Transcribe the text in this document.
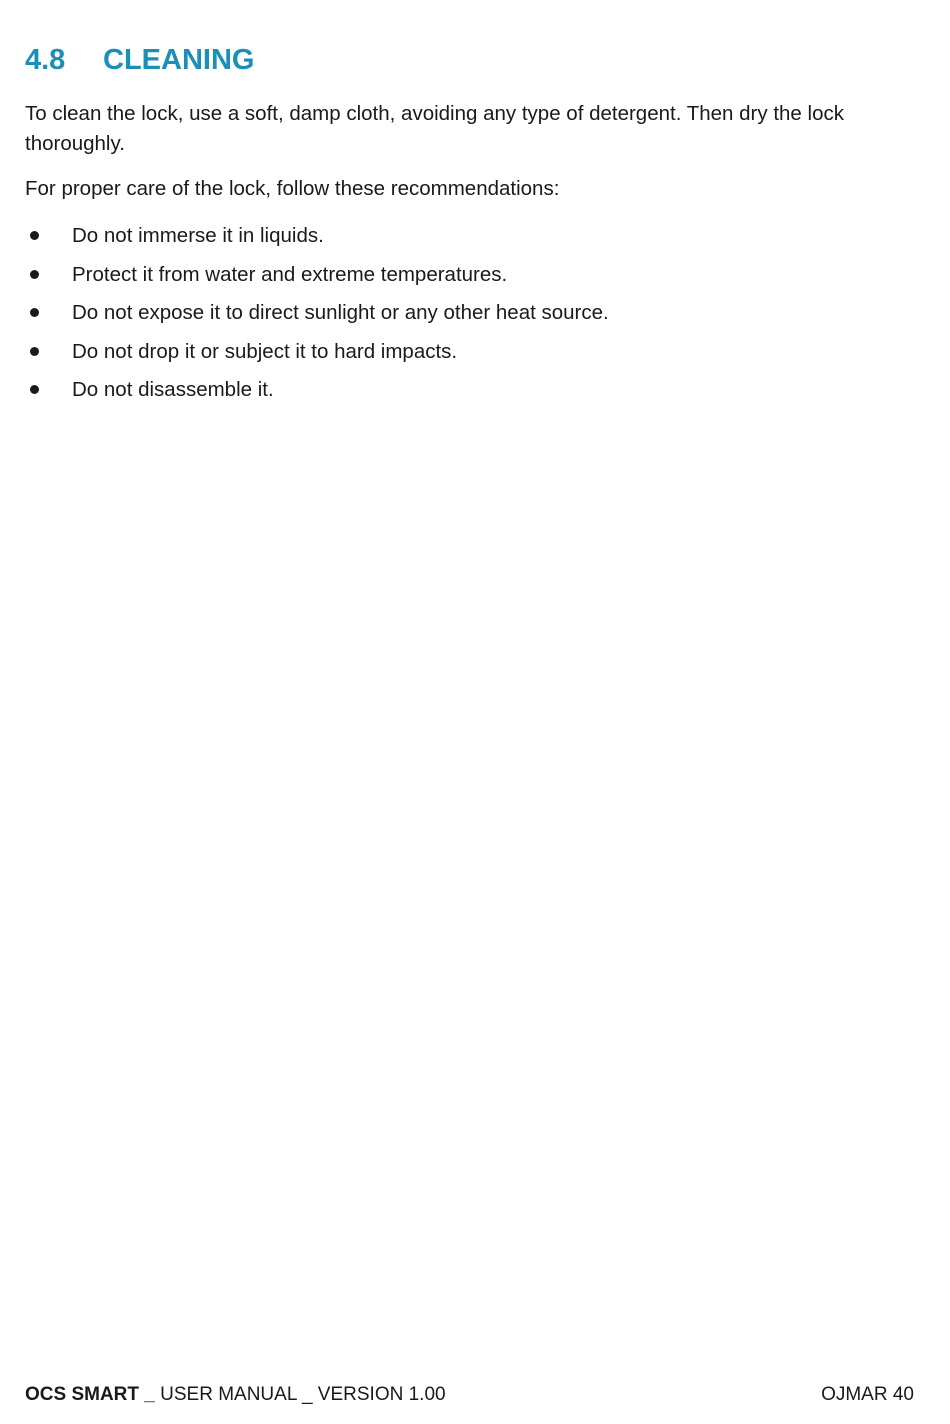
4.8 CLEANING
To clean the lock, use a soft, damp cloth, avoiding any type of detergent. Then dry the lock thoroughly.
For proper care of the lock, follow these recommendations:
Do not immerse it in liquids.
Protect it from water and extreme temperatures.
Do not expose it to direct sunlight or any other heat source.
Do not drop it or subject it to hard impacts.
Do not disassemble it.
OCS SMART _ USER MANUAL _ VERSION 1.00	OJMAR 40
